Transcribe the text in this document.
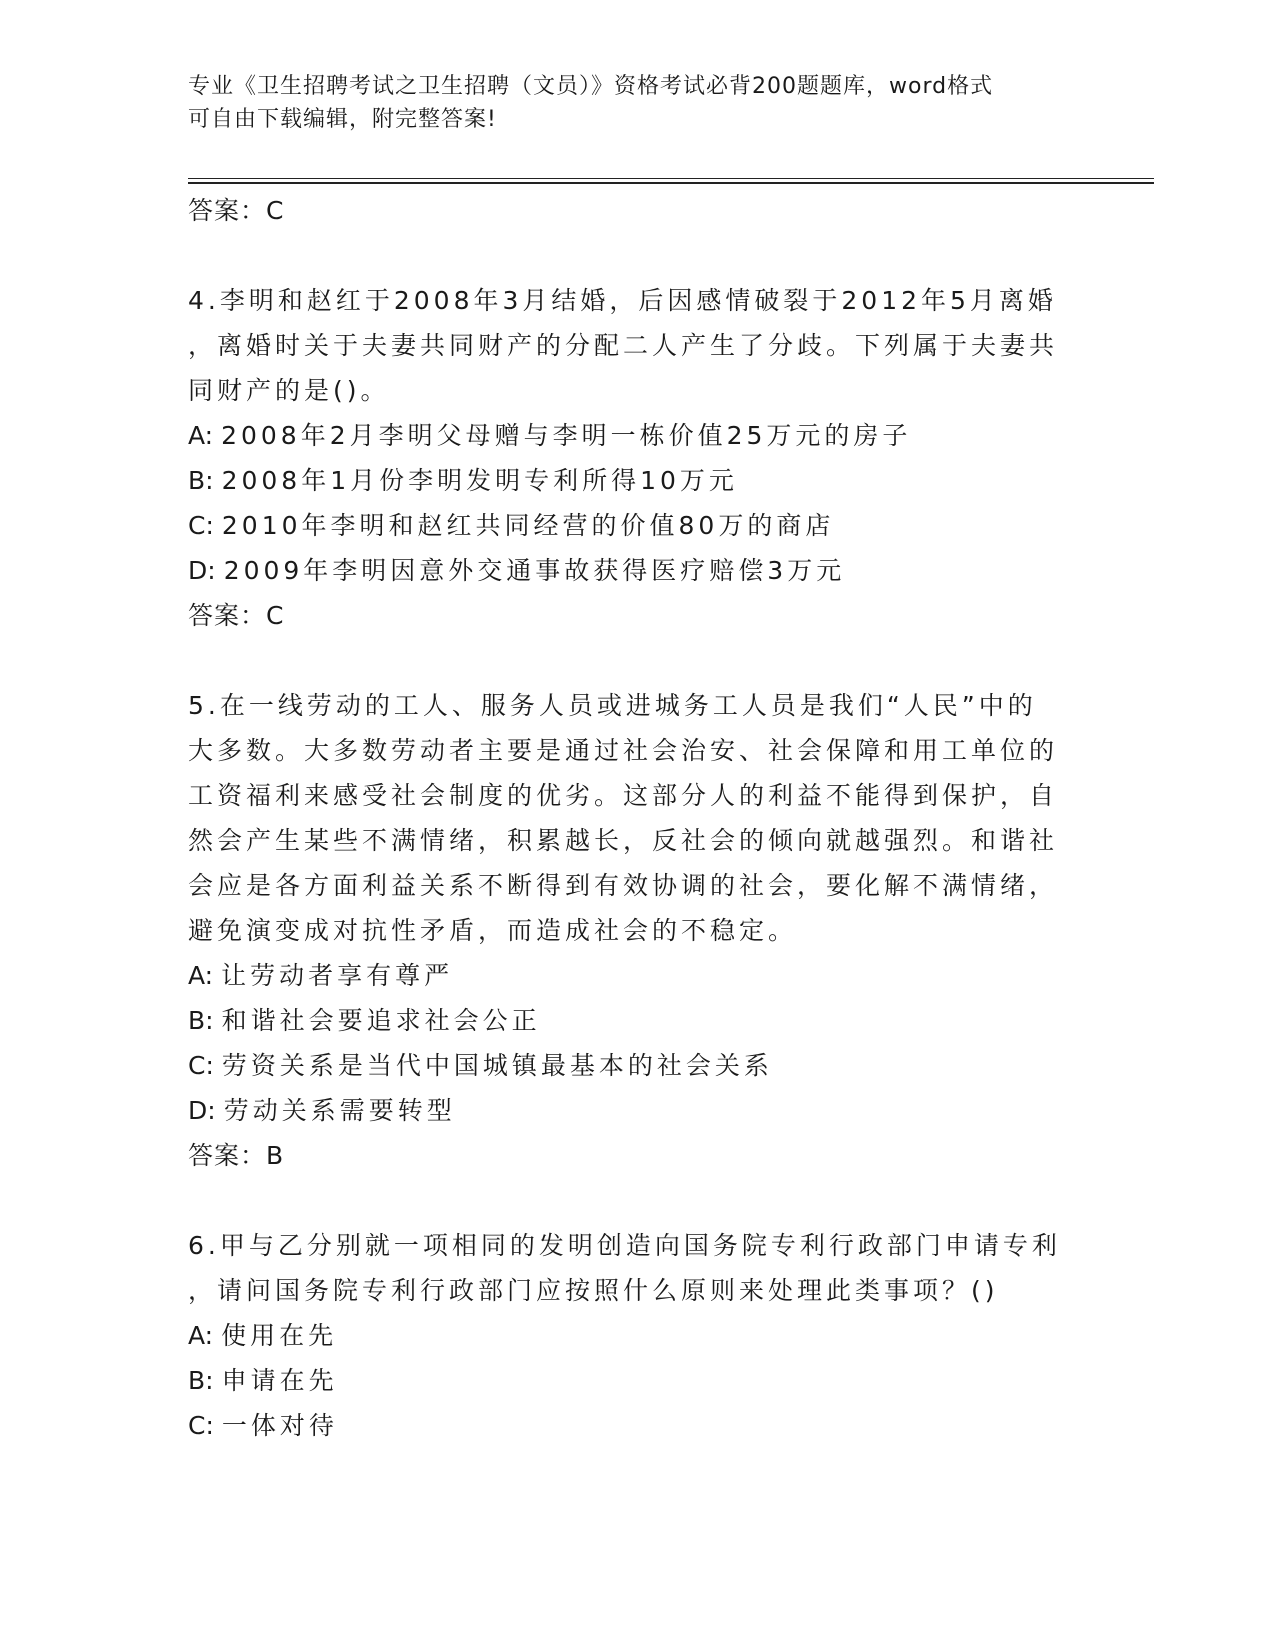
专业《卫生招聘考试之卫生招聘（文员）》资格考试必背200题题库，word格式
可自由下载编辑，附完整答案!

答案：C

4.李明和赵红于2008年3月结婚，后因感情破裂于2012年5月离婚

，离婚时关于夫妻共同财产的分配二人产生了分歧。下列属于夫妻共

同财产的是()。

A: 2008年2月李明父母赠与李明一栋价值25万元的房子

B: 2008年1月份李明发明专利所得10万元

C: 2010年李明和赵红共同经营的价值80万的商店

D: 2009年李明因意外交通事故获得医疗赔偿3万元

答案：C

5.在一线劳动的工人、服务人员或进城务工人员是我们“人民”中的

大多数。大多数劳动者主要是通过社会治安、社会保障和用工单位的

工资福利来感受社会制度的优劣。这部分人的利益不能得到保护，自

然会产生某些不满情绪，积累越长，反社会的倾向就越强烈。和谐社

会应是各方面利益关系不断得到有效协调的社会，要化解不满情绪，

避免演变成对抗性矛盾，而造成社会的不稳定。

A: 让劳动者享有尊严

B: 和谐社会要追求社会公正

C: 劳资关系是当代中国城镇最基本的社会关系

D: 劳动关系需要转型

答案：B

6.甲与乙分别就一项相同的发明创造向国务院专利行政部门申请专利

，请问国务院专利行政部门应按照什么原则来处理此类事项？()

A: 使用在先

B: 申请在先

C: 一体对待
